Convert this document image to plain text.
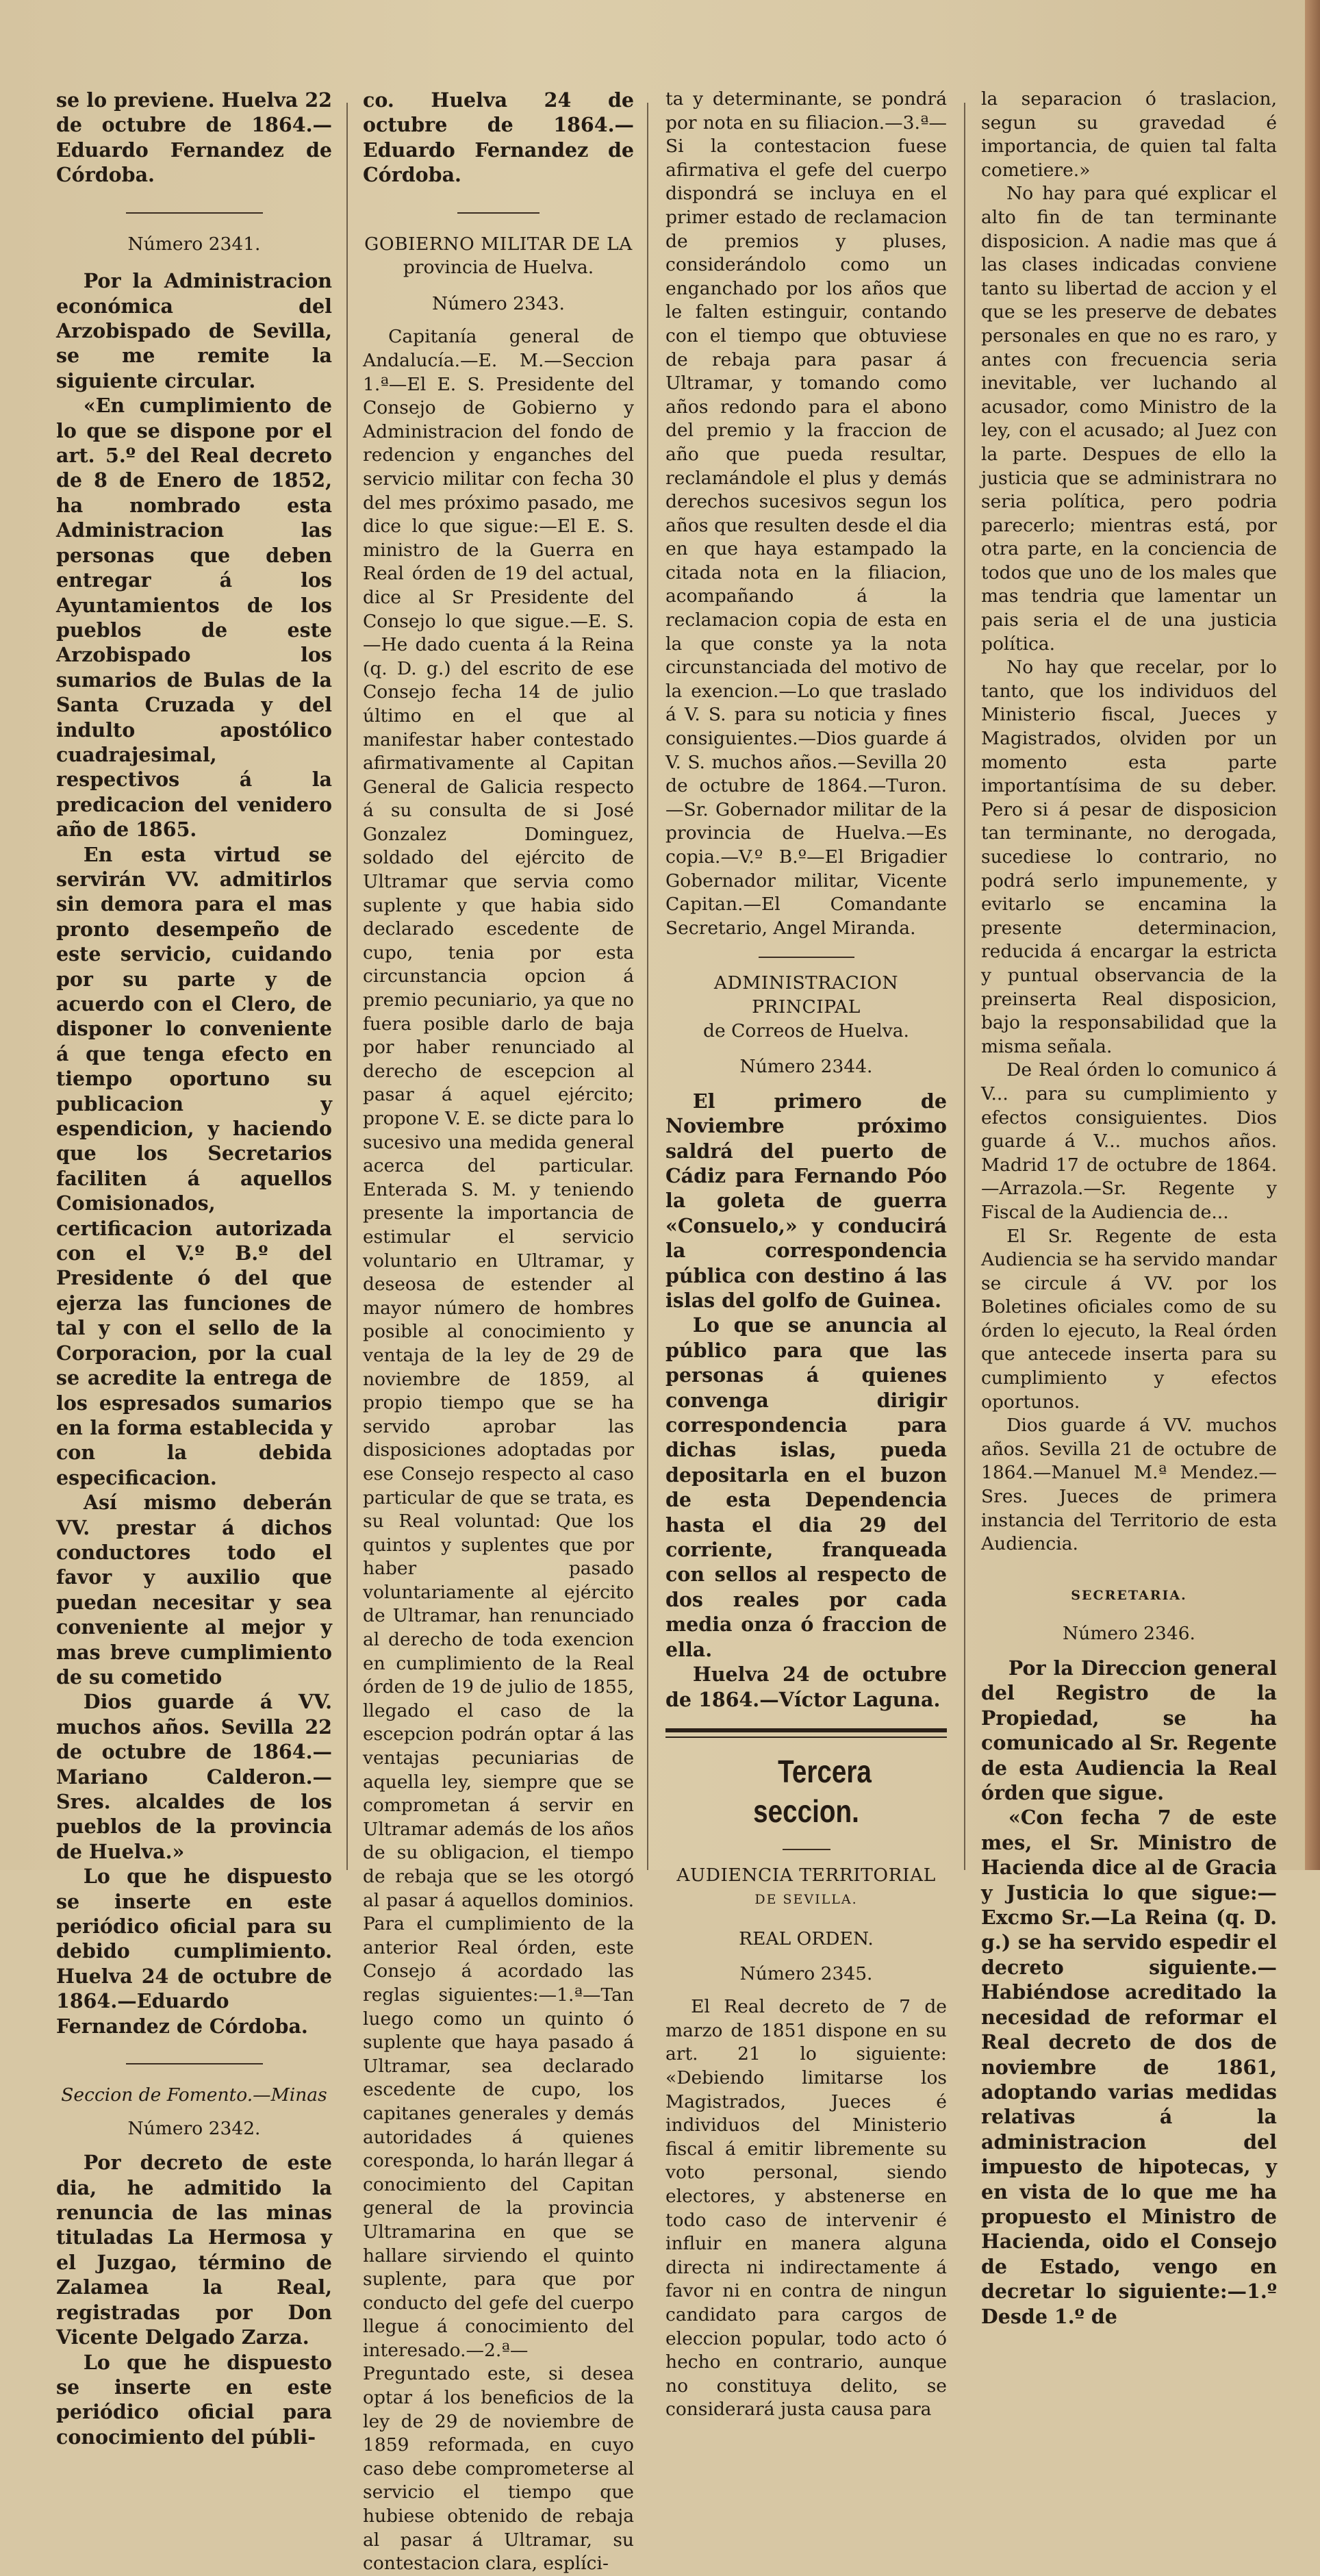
se lo previene. Huelva 22 de octubre de 1864.—Eduardo Fernandez de Córdoba.

Número 2341.

Por la Administracion económica del Arzobispado de Sevilla, se me remite la siguiente circular.

«En cumplimiento de lo que se dispone por el art. 5.º del Real decreto de 8 de Enero de 1852, ha nombrado esta Administracion las personas que deben entregar á los Ayuntamientos de los pueblos de este Arzobispado los sumarios de Bulas de la Santa Cruzada y del indulto apostólico cuadrajesimal, respectivos á la predicacion del venidero año de 1865.

En esta virtud se servirán VV. admitirlos sin demora para el mas pronto desempeño de este servicio, cuidando por su parte y de acuerdo con el Clero, de disponer lo conveniente á que tenga efecto en tiempo oportuno su publicacion y espendicion, y haciendo que los Secretarios faciliten á aquellos Comisionados, certificacion autorizada con el V.º B.º del Presidente ó del que ejerza las funciones de tal y con el sello de la Corporacion, por la cual se acredite la entrega de los espresados sumarios en la forma establecida y con la debida especificacion.

Así mismo deberán VV. prestar á dichos conductores todo el favor y auxilio que puedan necesitar y sea conveniente al mejor y mas breve cumplimiento de su cometido

Dios guarde á VV. muchos años. Sevilla 22 de octubre de 1864.—Mariano Calderon.—Sres. alcaldes de los pueblos de la provincia de Huelva.»

Lo que he dispuesto se inserte en este periódico oficial para su debido cumplimiento. Huelva 24 de octubre de 1864.—Eduardo Fernandez de Córdoba.

Seccion de Fomento.—Minas

Número 2342.

Por decreto de este dia, he admitido la renuncia de las minas tituladas La Hermosa y el Juzgao, término de Zalamea la Real, registradas por Don Vicente Delgado Zarza.

Lo que he dispuesto se inserte en este periódico oficial para conocimiento del públi-

co. Huelva 24 de octubre de 1864.—Eduardo Fernandez de Córdoba.

GOBIERNO MILITAR DE LA

provincia de Huelva.

Número 2343.

Capitanía general de Andalucía.—E. M.—Seccion 1.ª—El E. S. Presidente del Consejo de Gobierno y Administracion del fondo de redencion y enganches del servicio militar con fecha 30 del mes próximo pasado, me dice lo que sigue:—El E. S. ministro de la Guerra en Real órden de 19 del actual, dice al Sr Presidente del Consejo lo que sigue.—E. S.—He dado cuenta á la Reina (q. D. g.) del escrito de ese Consejo fecha 14 de julio último en el que al manifestar haber contestado afirmativamente al Capitan General de Galicia respecto á su consulta de si José Gonzalez Dominguez, soldado del ejército de Ultramar que servia como suplente y que habia sido declarado escedente de cupo, tenia por esta circunstancia opcion á premio pecuniario, ya que no fuera posible darlo de baja por haber renunciado al derecho de escepcion al pasar á aquel ejército; propone V. E. se dicte para lo sucesivo una medida general acerca del particular. Enterada S. M. y teniendo presente la importancia de estimular el servicio voluntario en Ultramar, y deseosa de estender al mayor número de hombres posible al conocimiento y ventaja de la ley de 29 de noviembre de 1859, al propio tiempo que se ha servido aprobar las disposiciones adoptadas por ese Consejo respecto al caso particular de que se trata, es su Real voluntad: Que los quintos y suplentes que por haber pasado voluntariamente al ejército de Ultramar, han renunciado al derecho de toda exencion en cumplimiento de la Real órden de 19 de julio de 1855, llegado el caso de la escepcion podrán optar á las ventajas pecuniarias de aquella ley, siempre que se comprometan á servir en Ultramar además de los años de su obligacion, el tiempo de rebaja que se les otorgó al pasar á aquellos dominios. Para el cumplimiento de la anterior Real órden, este Consejo á acordado las reglas siguientes:—1.ª—Tan luego como un quinto ó suplente que haya pasado á Ultramar, sea declarado escedente de cupo, los capitanes generales y demás autoridades á quienes coresponda, lo harán llegar á conocimiento del Capitan general de la provincia Ultramarina en que se hallare sirviendo el quinto suplente, para que por conducto del gefe del cuerpo llegue á conocimiento del interesado.—2.ª—Preguntado este, si desea optar á los beneficios de la ley de 29 de noviembre de 1859 reformada, en cuyo caso debe comprometerse al servicio el tiempo que hubiese obtenido de rebaja al pasar á Ultramar, su contestacion clara, esplíci-

ta y determinante, se pondrá por nota en su filiacion.—3.ª—Si la contestacion fuese afirmativa el gefe del cuerpo dispondrá se incluya en el primer estado de reclamacion de premios y pluses, considerándolo como un enganchado por los años que le falten estinguir, contando con el tiempo que obtuviese de rebaja para pasar á Ultramar, y tomando como años redondo para el abono del premio y la fraccion de año que pueda resultar, reclamándole el plus y demás derechos sucesivos segun los años que resulten desde el dia en que haya estampado la citada nota en la filiacion, acompañando á la reclamacion copia de esta en la que conste ya la nota circunstanciada del motivo de la exencion.—Lo que traslado á V. S. para su noticia y fines consiguientes.—Dios guarde á V. S. muchos años.—Sevilla 20 de octubre de 1864.—Turon.—Sr. Gobernador militar de la provincia de Huelva.—Es copia.—V.º B.º—El Brigadier Gobernador militar, Vicente Capitan.—El Comandante Secretario, Angel Miranda.

ADMINISTRACION PRINCIPAL

de Correos de Huelva.

Número 2344.

El primero de Noviembre próximo saldrá del puerto de Cádiz para Fernando Póo la goleta de guerra «Consuelo,» y conducirá la correspondencia pública con destino á las islas del golfo de Guinea.

Lo que se anuncia al público para que las personas á quienes convenga dirigir correspondencia para dichas islas, pueda depositarla en el buzon de esta Dependencia hasta el dia 29 del corriente, franqueada con sellos al respecto de dos reales por cada media onza ó fraccion de ella.

Huelva 24 de octubre de 1864.—Víctor Laguna.

Tercera seccion.

AUDIENCIA TERRITORIAL

DE SEVILLA.

REAL ORDEN.

Número 2345.

El Real decreto de 7 de marzo de 1851 dispone en su art. 21 lo siguiente: «Debiendo limitarse los Magistrados, Jueces é individuos del Ministerio fiscal á emitir libremente su voto personal, siendo electores, y abstenerse en todo caso de intervenir é influir en manera alguna directa ni indirectamente á favor ni en contra de ningun candidato para cargos de eleccion popular, todo acto ó hecho en contrario, aunque no constituya delito, se considerará justa causa para

la separacion ó traslacion, segun su gravedad é importancia, de quien tal falta cometiere.»

No hay para qué explicar el alto fin de tan terminante disposicion. A nadie mas que á las clases indicadas conviene tanto su libertad de accion y el que se les preserve de debates personales en que no es raro, y antes con frecuencia seria inevitable, ver luchando al acusador, como Ministro de la ley, con el acusado; al Juez con la parte. Despues de ello la justicia que se administrara no seria política, pero podria parecerlo; mientras está, por otra parte, en la conciencia de todos que uno de los males que mas tendria que lamentar un pais seria el de una justicia política.

No hay que recelar, por lo tanto, que los individuos del Ministerio fiscal, Jueces y Magistrados, olviden por un momento esta parte importantísima de su deber. Pero si á pesar de disposicion tan terminante, no derogada, sucediese lo contrario, no podrá serlo impunemente, y evitarlo se encamina la presente determinacion, reducida á encargar la estricta y puntual observancia de la preinserta Real disposicion, bajo la responsabilidad que la misma señala.

De Real órden lo comunico á V... para su cumplimiento y efectos consiguientes. Dios guarde á V... muchos años. Madrid 17 de octubre de 1864.—Arrazola.—Sr. Regente y Fiscal de la Audiencia de...

El Sr. Regente de esta Audiencia se ha servido mandar se circule á VV. por los Boletines oficiales como de su órden lo ejecuto, la Real órden que antecede inserta para su cumplimiento y efectos oportunos.

Dios guarde á VV. muchos años. Sevilla 21 de octubre de 1864.—Manuel M.ª Mendez.—Sres. Jueces de primera instancia del Territorio de esta Audiencia.

SECRETARIA.

Número 2346.

Por la Direccion general del Registro de la Propiedad, se ha comunicado al Sr. Regente de esta Audiencia la Real órden que sigue.

«Con fecha 7 de este mes, el Sr. Ministro de Hacienda dice al de Gracia y Justicia lo que sigue:—Excmo Sr.—La Reina (q. D. g.) se ha servido espedir el decreto siguiente.—Habiéndose acreditado la necesidad de reformar el Real decreto de dos de noviembre de 1861, adoptando varias medidas relativas á la administracion del impuesto de hipotecas, y en vista de lo que me ha propuesto el Ministro de Hacienda, oido el Consejo de Estado, vengo en decretar lo siguiente:—1.º Desde 1.º de
